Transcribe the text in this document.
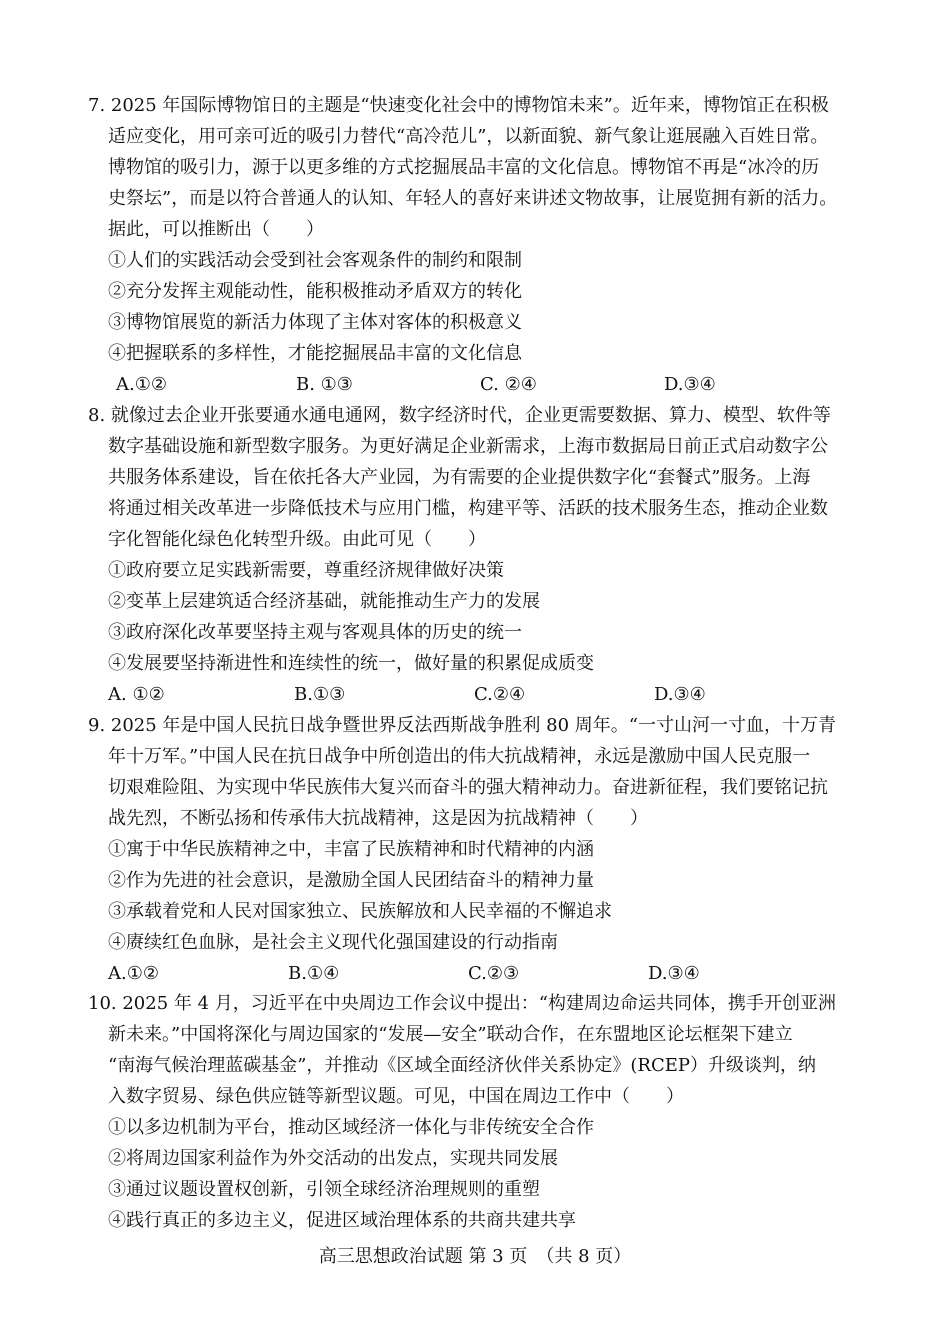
7. 2025 年国际博物馆日的主题是“快速变化社会中的博物馆未来”。近年来，博物馆正在积极
适应变化，用可亲可近的吸引力替代“高冷范儿”，以新面貌、新气象让逛展融入百姓日常。
博物馆的吸引力，源于以更多维的方式挖掘展品丰富的文化信息。博物馆不再是“冰冷的历
史祭坛”，而是以符合普通人的认知、年轻人的喜好来讲述文物故事，让展览拥有新的活力。
据此，可以推断出（　　）
①人们的实践活动会受到社会客观条件的制约和限制
②充分发挥主观能动性，能积极推动矛盾双方的转化
③博物馆展览的新活力体现了主体对客体的积极意义
④把握联系的多样性，才能挖掘展品丰富的文化信息
A.①②	B. ①③	C. ②④	D.③④
8. 就像过去企业开张要通水通电通网，数字经济时代，企业更需要数据、算力、模型、软件等
数字基础设施和新型数字服务。为更好满足企业新需求，上海市数据局日前正式启动数字公
共服务体系建设，旨在依托各大产业园，为有需要的企业提供数字化“套餐式”服务。上海
将通过相关改革进一步降低技术与应用门槛，构建平等、活跃的技术服务生态，推动企业数
字化智能化绿色化转型升级。由此可见（　　）
①政府要立足实践新需要，尊重经济规律做好决策
②变革上层建筑适合经济基础，就能推动生产力的发展
③政府深化改革要坚持主观与客观具体的历史的统一
④发展要坚持渐进性和连续性的统一，做好量的积累促成质变
A. ①②	B.①③	C.②④	D.③④
9. 2025 年是中国人民抗日战争暨世界反法西斯战争胜利 80 周年。“一寸山河一寸血，十万青
年十万军。”中国人民在抗日战争中所创造出的伟大抗战精神，永远是激励中国人民克服一
切艰难险阻、为实现中华民族伟大复兴而奋斗的强大精神动力。奋进新征程，我们要铭记抗
战先烈，不断弘扬和传承伟大抗战精神，这是因为抗战精神（　　）
①寓于中华民族精神之中，丰富了民族精神和时代精神的内涵
②作为先进的社会意识，是激励全国人民团结奋斗的精神力量
③承载着党和人民对国家独立、民族解放和人民幸福的不懈追求
④赓续红色血脉，是社会主义现代化强国建设的行动指南
A.①②	B.①④	C.②③	D.③④
10. 2025 年 4 月，习近平在中央周边工作会议中提出：“构建周边命运共同体，携手开创亚洲
新未来。”中国将深化与周边国家的“发展—安全”联动合作，在东盟地区论坛框架下建立
“南海气候治理蓝碳基金”，并推动《区域全面经济伙伴关系协定》(RCEP）升级谈判，纳
入数字贸易、绿色供应链等新型议题。可见，中国在周边工作中（　　）
①以多边机制为平台，推动区域经济一体化与非传统安全合作
②将周边国家利益作为外交活动的出发点，实现共同发展
③通过议题设置权创新，引领全球经济治理规则的重塑
④践行真正的多边主义，促进区域治理体系的共商共建共享
高三思想政治试题 第 3 页　（共 8 页）
